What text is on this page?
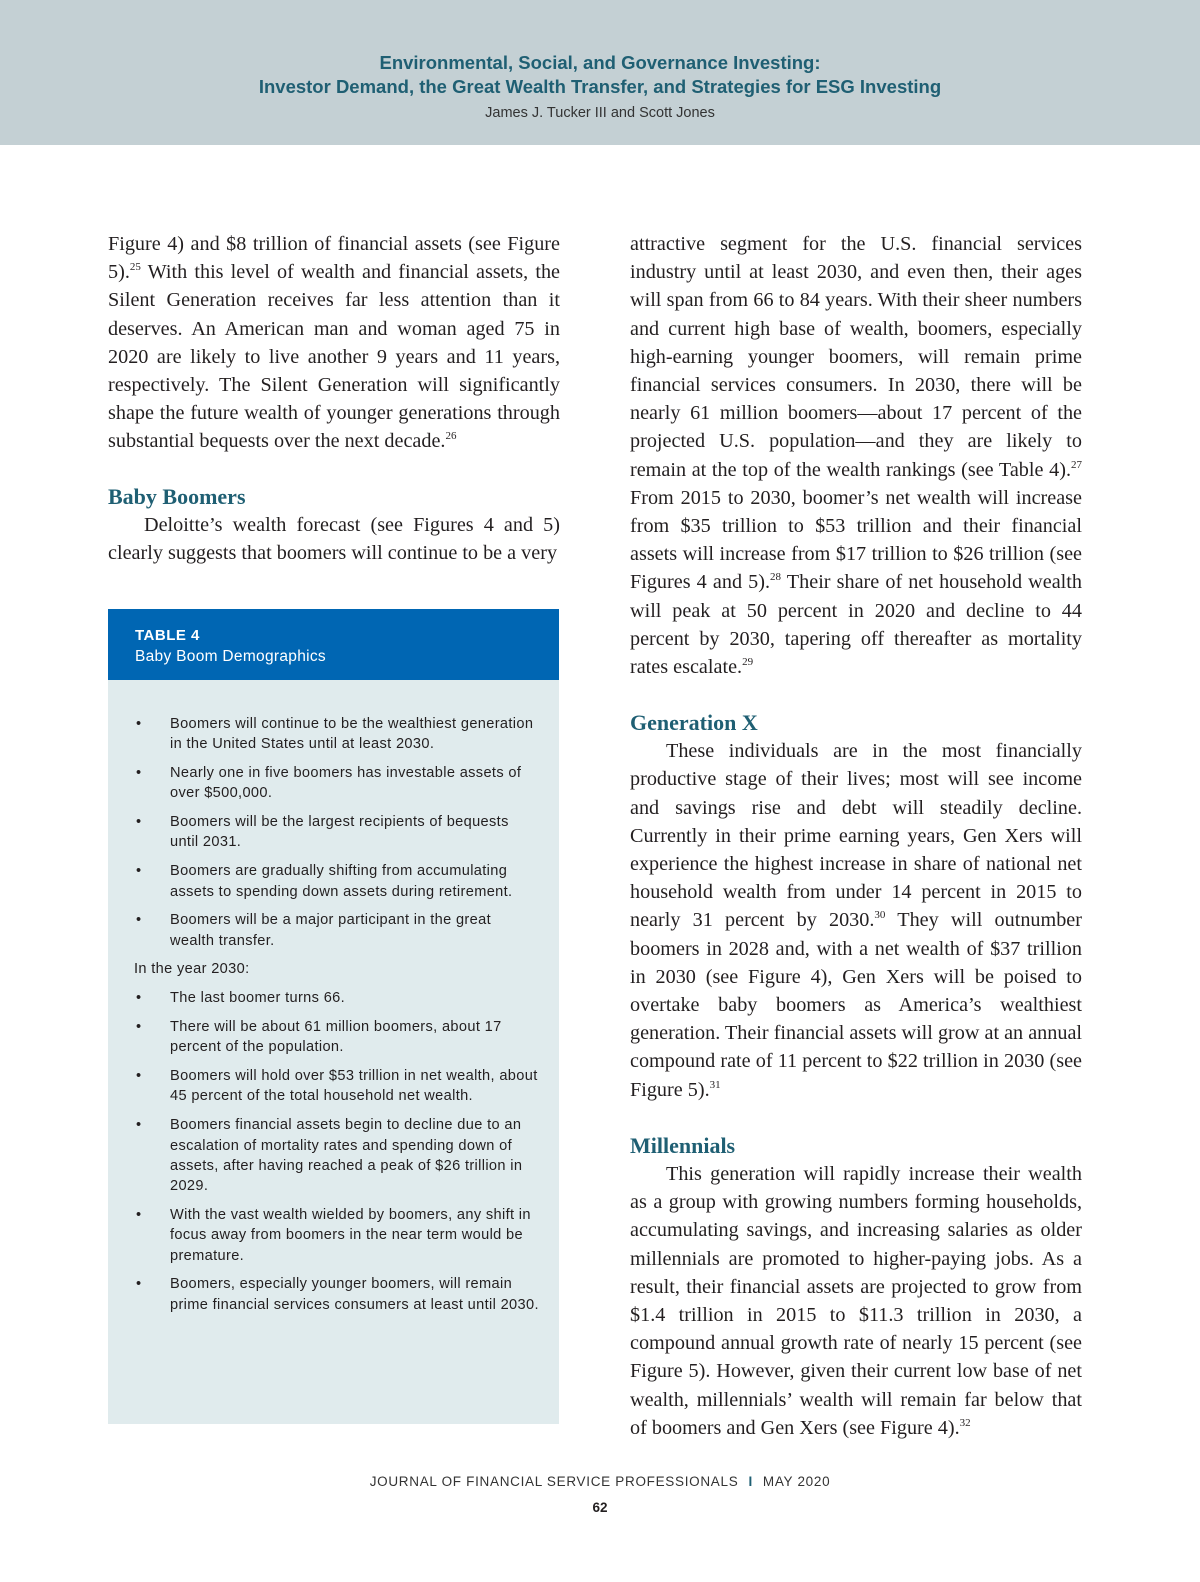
Environmental, Social, and Governance Investing:
Investor Demand, the Great Wealth Transfer, and Strategies for ESG Investing
James J. Tucker III and Scott Jones

Figure 4) and $8 trillion of financial assets (see Figure 5).$^{25}$ With this level of wealth and financial assets, the Silent Generation receives far less attention than it deserves. An American man and woman aged 75 in 2020 are likely to live another 9 years and 11 years, respectively. The Silent Generation will significantly shape the future wealth of younger generations through substantial bequests over the next decade.$^{26}$

Baby Boomers

Deloitte’s wealth forecast (see Figures 4 and 5) clearly suggests that boomers will continue to be a very

TABLE 4
Baby Boom Demographics
• Boomers will continue to be the wealthiest generation in the United States until at least 2030.
• Nearly one in five boomers has investable assets of over $500,000.
• Boomers will be the largest recipients of bequests until 2031.
• Boomers are gradually shifting from accumulating assets to spending down assets during retirement.
• Boomers will be a major participant in the great wealth transfer.

In the year 2030:

• The last boomer turns 66.
• There will be about 61 million boomers, about 17 percent of the population.
• Boomers will hold over $53 trillion in net wealth, about 45 percent of the total household net wealth.
• Boomers financial assets begin to decline due to an escalation of mortality rates and spending down of assets, after having reached a peak of $26 trillion in 2029.
• With the vast wealth wielded by boomers, any shift in focus away from boomers in the near term would be premature.
• Boomers, especially younger boomers, will remain prime financial services consumers at least until 2030.

attractive segment for the U.S. financial services industry until at least 2030, and even then, their ages will span from 66 to 84 years. With their sheer numbers and current high base of wealth, boomers, especially high-earning younger boomers, will remain prime financial services consumers. In 2030, there will be nearly 61 million boomers—about 17 percent of the projected U.S. population—and they are likely to remain at the top of the wealth rankings (see Table 4).$^{27}$ From 2015 to 2030, boomer’s net wealth will increase from $35 trillion to $53 trillion and their financial assets will increase from $17 trillion to $26 trillion (see Figures 4 and 5).$^{28}$ Their share of net household wealth will peak at 50 percent in 2020 and decline to 44 percent by 2030, tapering off thereafter as mortality rates escalate.$^{29}$

Generation X

These individuals are in the most financially productive stage of their lives; most will see income and savings rise and debt will steadily decline. Currently in their prime earning years, Gen Xers will experience the highest increase in share of national net household wealth from under 14 percent in 2015 to nearly 31 percent by 2030.30 They will outnumber boomers in 2028 and, with a net wealth of $37 trillion in 2030 (see Figure 4), Gen Xers will be poised to overtake baby boomers as America’s wealthiest generation. Their financial assets will grow at an annual compound rate of 11 percent to $22 trillion in 2030 (see Figure 5).$^{31}$

Millennials

This generation will rapidly increase their wealth as a group with growing numbers forming households, accumulating savings, and increasing salaries as older millennials are promoted to higher-paying jobs. As a result, their financial assets are projected to grow from $1.4 trillion in 2015 to $11.3 trillion in 2030, a compound annual growth rate of nearly 15 percent (see Figure 5). However, given their current low base of net wealth, millennials’ wealth will remain far below that of boomers and Gen Xers (see Figure 4).$^{32}$

JOURNAL OF FINANCIAL SERVICE PROFESSIONALS I MAY 2020
62
